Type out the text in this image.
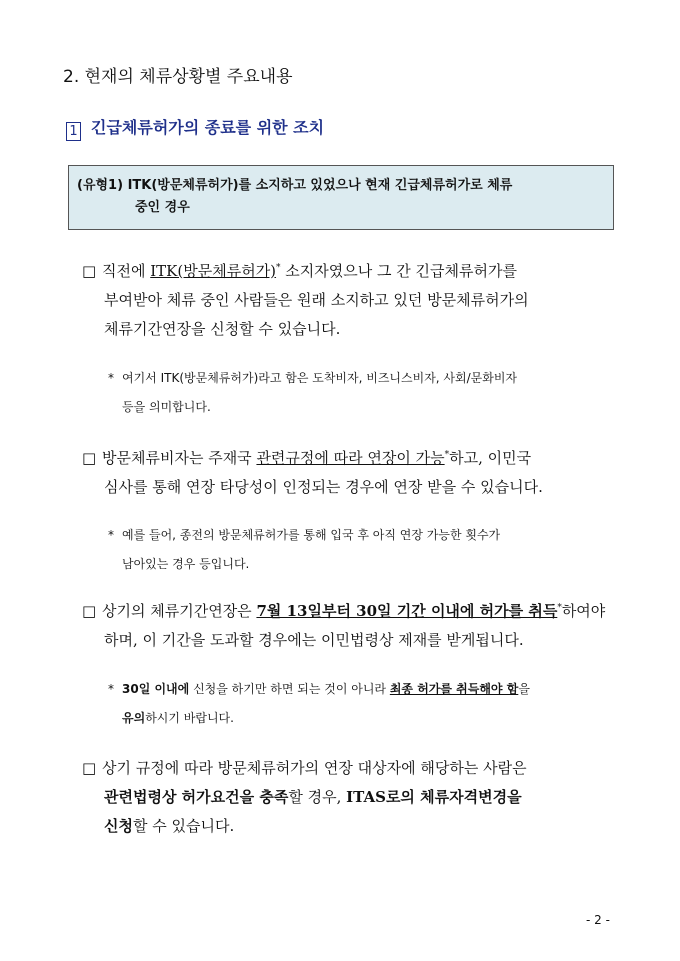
2. 현재의 체류상황별 주요내용
1 긴급체류허가의 종료를 위한 조치
(유형1) ITK(방문체류허가)를 소지하고 있었으나 현재 긴급체류허가로 체류
중인 경우
□ 직전에 ITK(방문체류허가)* 소지자였으나 그 간 긴급체류허가를
부여받아 체류 중인 사람들은 원래 소지하고 있던 방문체류허가의
체류기간연장을 신청할 수 있습니다.
* 여기서 ITK(방문체류허가)라고 함은 도착비자, 비즈니스비자, 사회/문화비자
등을 의미합니다.
□ 방문체류비자는 주재국 관련규정에 따라 연장이 가능*하고, 이민국
심사를 통해 연장 타당성이 인정되는 경우에 연장 받을 수 있습니다.
* 예를 들어, 종전의 방문체류허가를 통해 입국 후 아직 연장 가능한 횟수가
남아있는 경우 등입니다.
□ 상기의 체류기간연장은 7월 13일부터 30일 기간 이내에 허가를 취득*하여야
하며, 이 기간을 도과할 경우에는 이민법령상 제재를 받게됩니다.
* 30일 이내에 신청을 하기만 하면 되는 것이 아니라 최종 허가를 취득해야 함을
유의하시기 바랍니다.
□ 상기 규정에 따라 방문체류허가의 연장 대상자에 해당하는 사람은
관련법령상 허가요건을 충족할 경우, ITAS로의 체류자격변경을
신청할 수 있습니다.
- 2 -
